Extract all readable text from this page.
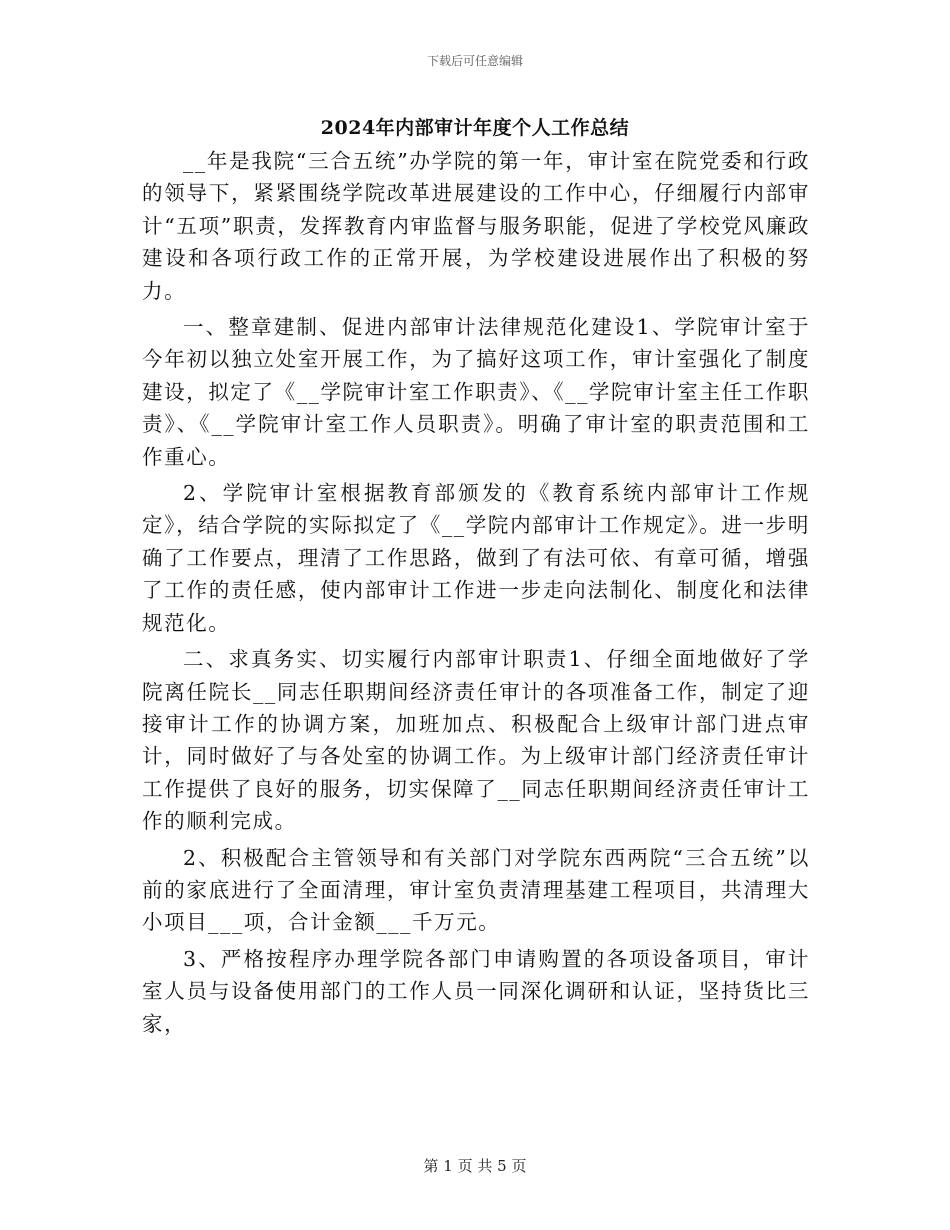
下载后可任意编辑
2024年内部审计年度个人工作总结

__年是我院“三合五统”办学院的第一年，审计室在院党委和行政的领导下，紧紧围绕学院改革进展建设的工作中心，仔细履行内部审计“五项”职责，发挥教育内审监督与服务职能，促进了学校党风廉政建设和各项行政工作的正常开展，为学校建设进展作出了积极的努力。

一、整章建制、促进内部审计法律规范化建设1、学院审计室于今年初以独立处室开展工作，为了搞好这项工作，审计室强化了制度建设，拟定了《__学院审计室工作职责》、《__学院审计室主任工作职责》、《__学院审计室工作人员职责》。明确了审计室的职责范围和工作重心。

2、学院审计室根据教育部颁发的《教育系统内部审计工作规定》，结合学院的实际拟定了《__学院内部审计工作规定》。进一步明确了工作要点，理清了工作思路，做到了有法可依、有章可循，增强了工作的责任感，使内部审计工作进一步走向法制化、制度化和法律规范化。

二、求真务实、切实履行内部审计职责1、仔细全面地做好了学院离任院长__同志任职期间经济责任审计的各项准备工作，制定了迎接审计工作的协调方案，加班加点、积极配合上级审计部门进点审计，同时做好了与各处室的协调工作。为上级审计部门经济责任审计工作提供了良好的服务，切实保障了__同志任职期间经济责任审计工作的顺利完成。

2、积极配合主管领导和有关部门对学院东西两院“三合五统”以前的家底进行了全面清理，审计室负责清理基建工程项目，共清理大小项目___项，合计金额___千万元。

3、严格按程序办理学院各部门申请购置的各项设备项目，审计室人员与设备使用部门的工作人员一同深化调研和认证，坚持货比三家，

第 1 页 共 5 页
